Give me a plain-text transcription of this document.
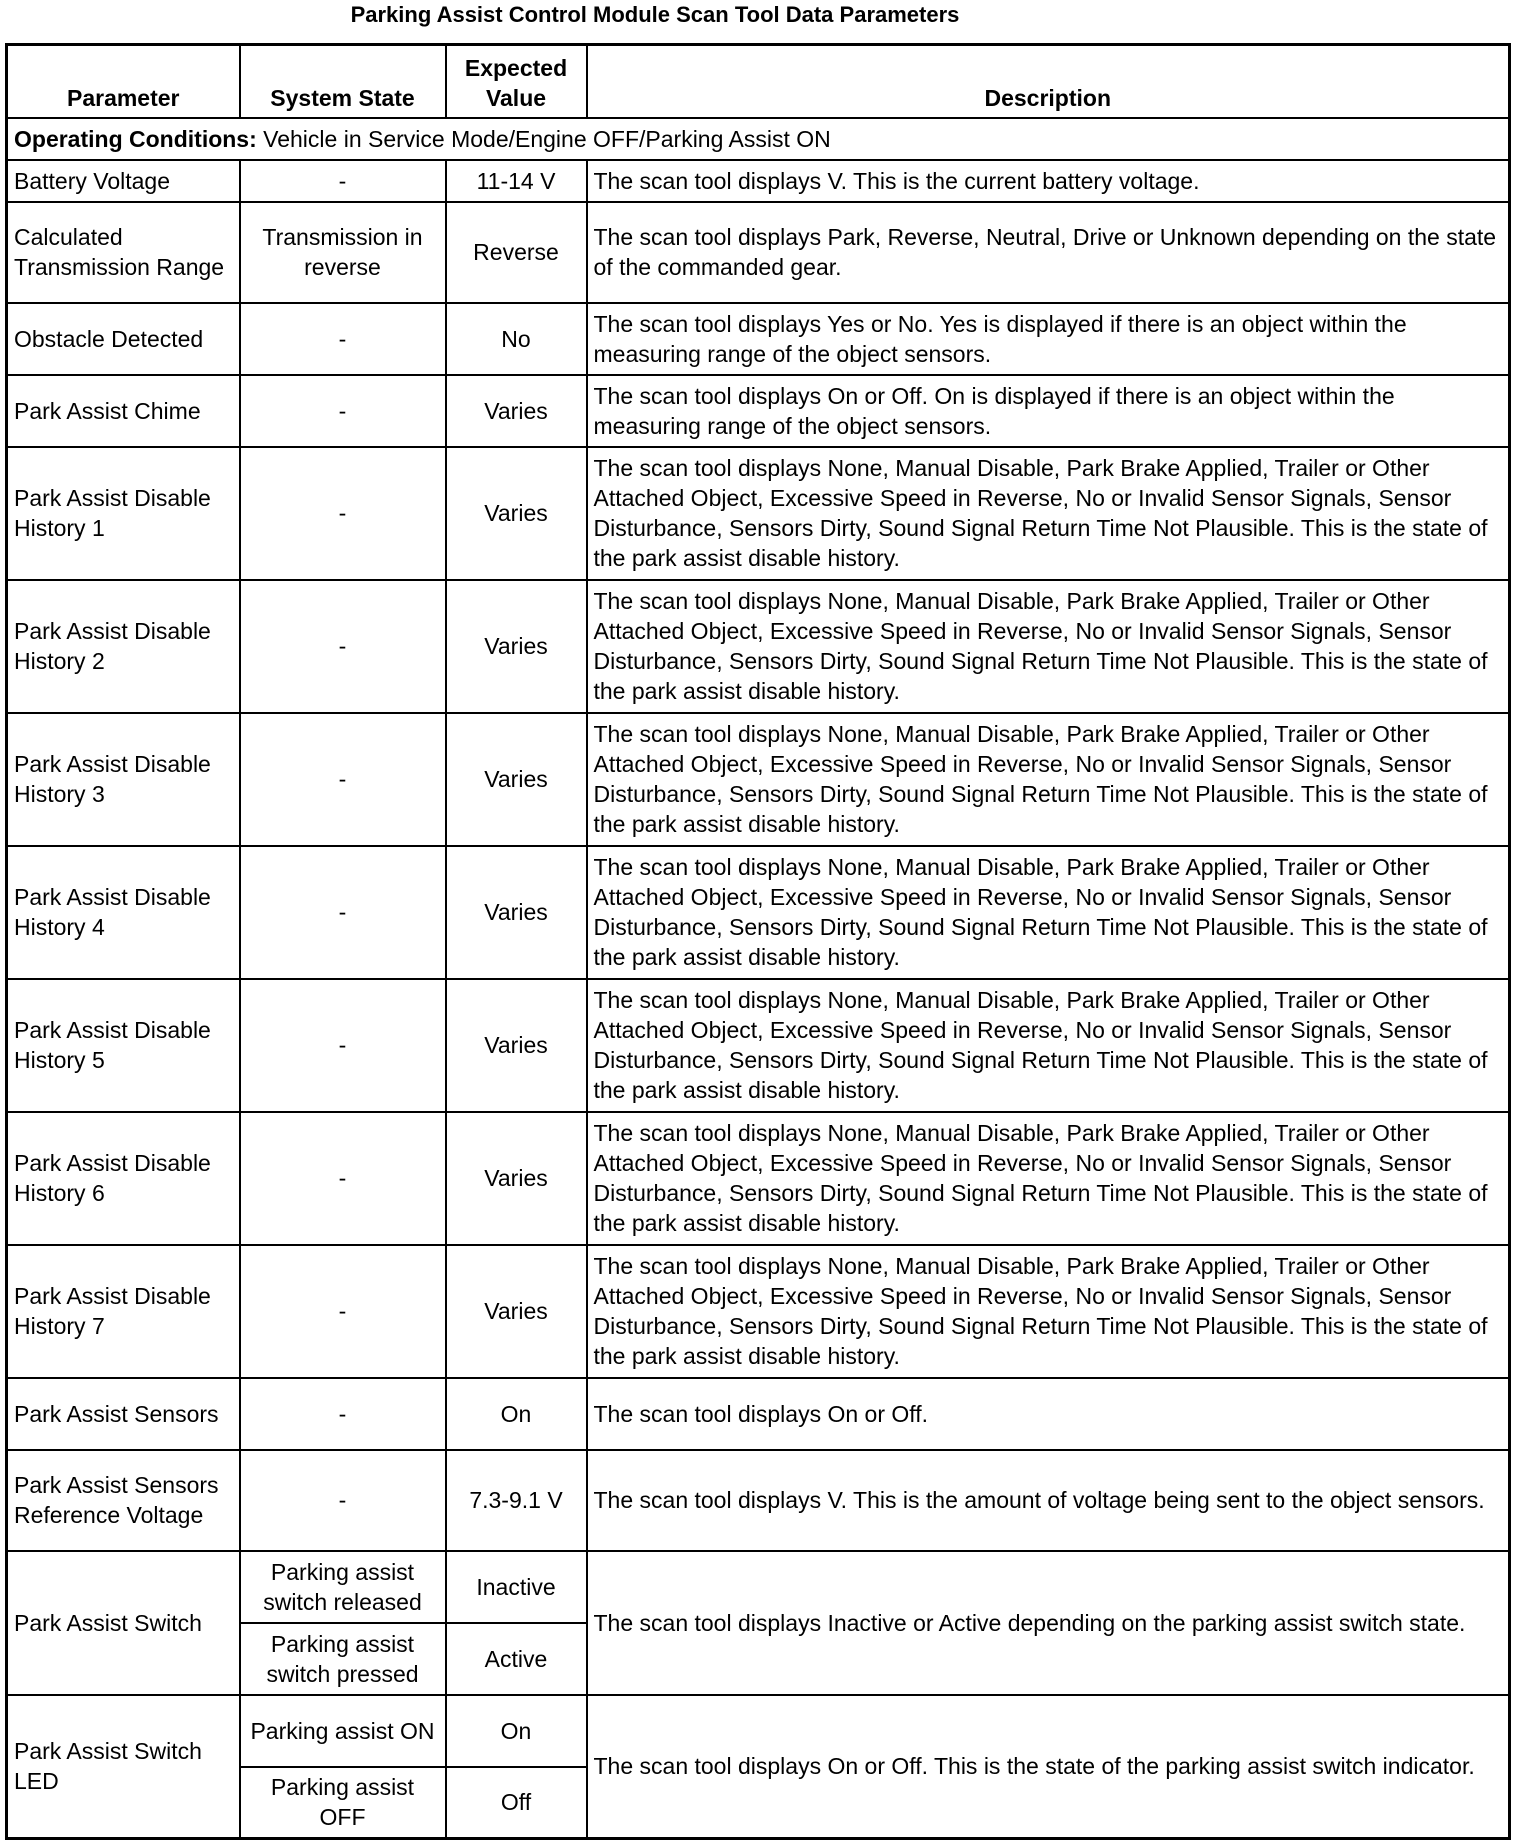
Parking Assist Control Module Scan Tool Data Parameters
Parameter	System State	Expected Value	Description
Operating Conditions: Vehicle in Service Mode/Engine OFF/Parking Assist ON			
Battery Voltage	-	11-14 V	The scan tool displays V. This is the current battery voltage.
Calculated Transmission Range	Transmission in reverse	Reverse	The scan tool displays Park, Reverse, Neutral, Drive or Unknown depending on the state of the commanded gear.
Obstacle Detected	-	No	The scan tool displays Yes or No. Yes is displayed if there is an object within the measuring range of the object sensors.
Park Assist Chime	-	Varies	The scan tool displays On or Off. On is displayed if there is an object within the measuring range of the object sensors.
Park Assist Disable History 1	-	Varies	The scan tool displays None, Manual Disable, Park Brake Applied, Trailer or Other Attached Object, Excessive Speed in Reverse, No or Invalid Sensor Signals, Sensor Disturbance, Sensors Dirty, Sound Signal Return Time Not Plausible. This is the state of the park assist disable history.
Park Assist Disable History 2	-	Varies	The scan tool displays None, Manual Disable, Park Brake Applied, Trailer or Other Attached Object, Excessive Speed in Reverse, No or Invalid Sensor Signals, Sensor Disturbance, Sensors Dirty, Sound Signal Return Time Not Plausible. This is the state of the park assist disable history.
Park Assist Disable History 3	-	Varies	The scan tool displays None, Manual Disable, Park Brake Applied, Trailer or Other Attached Object, Excessive Speed in Reverse, No or Invalid Sensor Signals, Sensor Disturbance, Sensors Dirty, Sound Signal Return Time Not Plausible. This is the state of the park assist disable history.
Park Assist Disable History 4	-	Varies	The scan tool displays None, Manual Disable, Park Brake Applied, Trailer or Other Attached Object, Excessive Speed in Reverse, No or Invalid Sensor Signals, Sensor Disturbance, Sensors Dirty, Sound Signal Return Time Not Plausible. This is the state of the park assist disable history.
Park Assist Disable History 5	-	Varies	The scan tool displays None, Manual Disable, Park Brake Applied, Trailer or Other Attached Object, Excessive Speed in Reverse, No or Invalid Sensor Signals, Sensor Disturbance, Sensors Dirty, Sound Signal Return Time Not Plausible. This is the state of the park assist disable history.
Park Assist Disable History 6	-	Varies	The scan tool displays None, Manual Disable, Park Brake Applied, Trailer or Other Attached Object, Excessive Speed in Reverse, No or Invalid Sensor Signals, Sensor Disturbance, Sensors Dirty, Sound Signal Return Time Not Plausible. This is the state of the park assist disable history.
Park Assist Disable History 7	-	Varies	The scan tool displays None, Manual Disable, Park Brake Applied, Trailer or Other Attached Object, Excessive Speed in Reverse, No or Invalid Sensor Signals, Sensor Disturbance, Sensors Dirty, Sound Signal Return Time Not Plausible. This is the state of the park assist disable history.
Park Assist Sensors	-	On	The scan tool displays On or Off.
Park Assist Sensors Reference Voltage	-	7.3-9.1 V	The scan tool displays V. This is the amount of voltage being sent to the object sensors.
Park Assist Switch	Parking assist switch released	Inactive	The scan tool displays Inactive or Active depending on the parking assist switch state.
	Parking assist switch pressed	Active	
Park Assist Switch LED	Parking assist ON	On	The scan tool displays On or Off. This is the state of the parking assist switch indicator.
	Parking assist OFF	Off	
